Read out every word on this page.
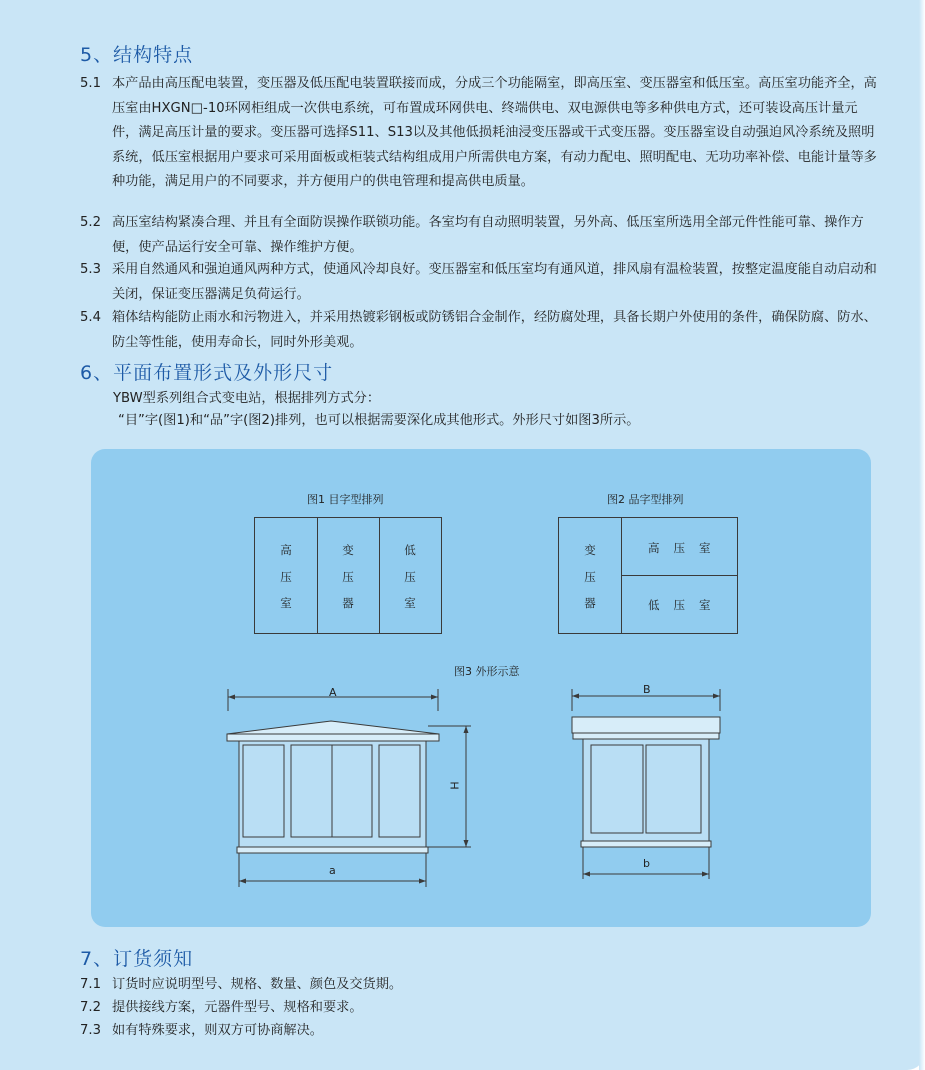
5、结构特点
5.1 本产品由高压配电装置，变压器及低压配电装置联接而成，分成三个功能隔室，即高压室、变压器室和低压室。高压室功能齐全，高压室由HXGN□-10环网柜组成一次供电系统，可布置成环网供电、终端供电、双电源供电等多种供电方式，还可装设高压计量元件，满足高压计量的要求。变压器可选择S11、S13以及其他低损耗油浸变压器或干式变压器。变压器室设自动强迫风冷系统及照明系统，低压室根据用户要求可采用面板或柜装式结构组成用户所需供电方案，有动力配电、照明配电、无功功率补偿、电能计量等多种功能，满足用户的不同要求，并方便用户的供电管理和提高供电质量。
5.2 高压室结构紧凑合理、并且有全面防误操作联锁功能。各室均有自动照明装置，另外高、低压室所选用全部元件性能可靠、操作方便，使产品运行安全可靠、操作维护方便。
5.3 采用自然通风和强迫通风两种方式，使通风冷却良好。变压器室和低压室均有通风道，排风扇有温检装置，按整定温度能自动启动和关闭，保证变压器满足负荷运行。
5.4 箱体结构能防止雨水和污物进入，并采用热镀彩钢板或防锈铝合金制作，经防腐处理，具备长期户外使用的条件，确保防腐、防水、防尘等性能，使用寿命长，同时外形美观。
6、平面布置形式及外形尺寸
YBW型系列组合式变电站，根据排列方式分：
“目”字(图1)和“品”字(图2)排列，也可以根据需要深化成其他形式。外形尺寸如图3所示。
图1 目字型排列
高
压
室
变
压
器
低
压
室
图2 品字型排列
变
压
器
高压室
低压室
图3 外形示意
A
H
a
B
b
7、订货须知
7.1 订货时应说明型号、规格、数量、颜色及交货期。
7.2 提供接线方案，元器件型号、规格和要求。
7.3 如有特殊要求，则双方可协商解决。
